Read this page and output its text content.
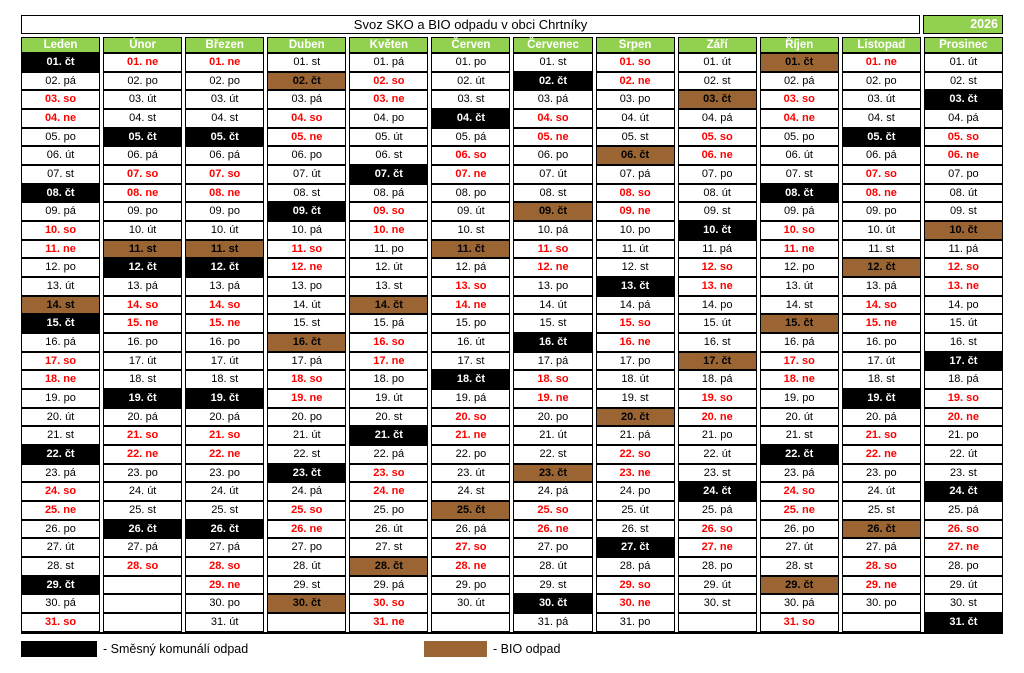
Svoz SKO a BIO odpadu v obci Chrtníky	2026
Leden
01. čt
02. pá
03. so
04. ne
05. po
06. út
07. st
08. čt
09. pá
10. so
11. ne
12. po
13. út
14. st
15. čt
16. pá
17. so
18. ne
19. po
20. út
21. st
22. čt
23. pá
24. so
25. ne
26. po
27. út
28. st
29. čt
30. pá
31. so
Únor
01. ne
02. po
03. út
04. st
05. čt
06. pá
07. so
08. ne
09. po
10. út
11. st
12. čt
13. pá
14. so
15. ne
16. po
17. út
18. st
19. čt
20. pá
21. so
22. ne
23. po
24. út
25. st
26. čt
27. pá
28. so
Březen
01. ne
02. po
03. út
04. st
05. čt
06. pá
07. so
08. ne
09. po
10. út
11. st
12. čt
13. pá
14. so
15. ne
16. po
17. út
18. st
19. čt
20. pá
21. so
22. ne
23. po
24. út
25. st
26. čt
27. pá
28. so
29. ne
30. po
31. út
Duben
01. st
02. čt
03. pá
04. so
05. ne
06. po
07. út
08. st
09. čt
10. pá
11. so
12. ne
13. po
14. út
15. st
16. čt
17. pá
18. so
19. ne
20. po
21. út
22. st
23. čt
24. pá
25. so
26. ne
27. po
28. út
29. st
30. čt
Květen
01. pá
02. so
03. ne
04. po
05. út
06. st
07. čt
08. pá
09. so
10. ne
11. po
12. út
13. st
14. čt
15. pá
16. so
17. ne
18. po
19. út
20. st
21. čt
22. pá
23. so
24. ne
25. po
26. út
27. st
28. čt
29. pá
30. so
31. ne
Červen
01. po
02. út
03. st
04. čt
05. pá
06. so
07. ne
08. po
09. út
10. st
11. čt
12. pá
13. so
14. ne
15. po
16. út
17. st
18. čt
19. pá
20. so
21. ne
22. po
23. út
24. st
25. čt
26. pá
27. so
28. ne
29. po
30. út
Červenec
01. st
02. čt
03. pá
04. so
05. ne
06. po
07. út
08. st
09. čt
10. pá
11. so
12. ne
13. po
14. út
15. st
16. čt
17. pá
18. so
19. ne
20. po
21. út
22. st
23. čt
24. pá
25. so
26. ne
27. po
28. út
29. st
30. čt
31. pá
Srpen
01. so
02. ne
03. po
04. út
05. st
06. čt
07. pá
08. so
09. ne
10. po
11. út
12. st
13. čt
14. pá
15. so
16. ne
17. po
18. út
19. st
20. čt
21. pá
22. so
23. ne
24. po
25. út
26. st
27. čt
28. pá
29. so
30. ne
31. po
Září
01. út
02. st
03. čt
04. pá
05. so
06. ne
07. po
08. út
09. st
10. čt
11. pá
12. so
13. ne
14. po
15. út
16. st
17. čt
18. pá
19. so
20. ne
21. po
22. út
23. st
24. čt
25. pá
26. so
27. ne
28. po
29. út
30. st
Říjen
01. čt
02. pá
03. so
04. ne
05. po
06. út
07. st
08. čt
09. pá
10. so
11. ne
12. po
13. út
14. st
15. čt
16. pá
17. so
18. ne
19. po
20. út
21. st
22. čt
23. pá
24. so
25. ne
26. po
27. út
28. st
29. čt
30. pá
31. so
Listopad
01. ne
02. po
03. út
04. st
05. čt
06. pá
07. so
08. ne
09. po
10. út
11. st
12. čt
13. pá
14. so
15. ne
16. po
17. út
18. st
19. čt
20. pá
21. so
22. ne
23. po
24. út
25. st
26. čt
27. pá
28. so
29. ne
30. po
Prosinec
01. út
02. st
03. čt
04. pá
05. so
06. ne
07. po
08. út
09. st
10. čt
11. pá
12. so
13. ne
14. po
15. út
16. st
17. čt
18. pá
19. so
20. ne
21. po
22. út
23. st
24. čt
25. pá
26. so
27. ne
28. po
29. út
30. st
31. čt
- Směsný komunálí odpad	- BIO odpad
